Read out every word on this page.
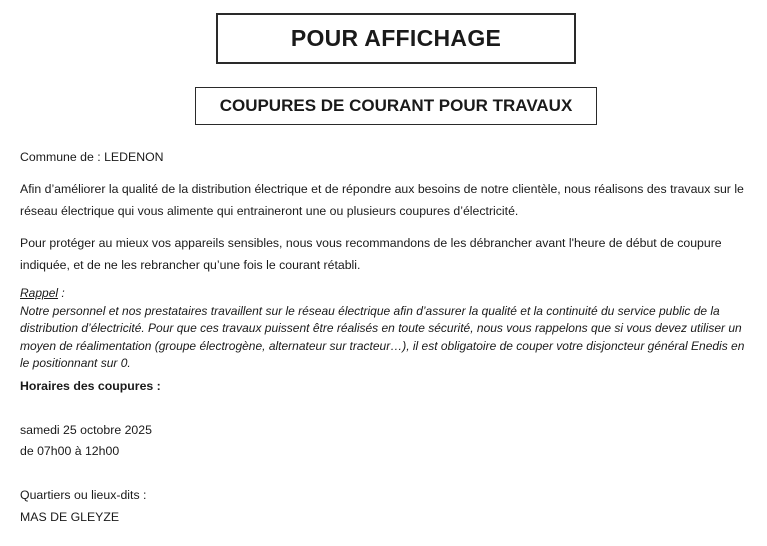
POUR AFFICHAGE
COUPURES DE COURANT POUR TRAVAUX
Commune de : LEDENON
Afin d’améliorer la qualité de la distribution électrique et de répondre aux besoins de notre clientèle, nous réalisons des travaux sur le réseau électrique qui vous alimente qui entraineront une ou plusieurs coupures d’électricité.
Pour protéger au mieux vos appareils sensibles, nous vous recommandons de les débrancher avant l'heure de début de coupure indiquée, et de ne les rebrancher qu’une fois le courant rétabli.
Rappel :
Notre personnel et nos prestataires travaillent sur le réseau électrique afin d’assurer la qualité et la continuité du service public de la distribution d’électricité. Pour que ces travaux puissent être réalisés en toute sécurité, nous vous rappelons que si vous devez utiliser un moyen de réalimentation (groupe électrogène, alternateur sur tracteur…), il est obligatoire de couper votre disjoncteur général Enedis en le positionnant sur 0.
Horaires des coupures :
samedi 25 octobre 2025
de 07h00 à 12h00
Quartiers ou lieux-dits :
MAS DE GLEYZE
